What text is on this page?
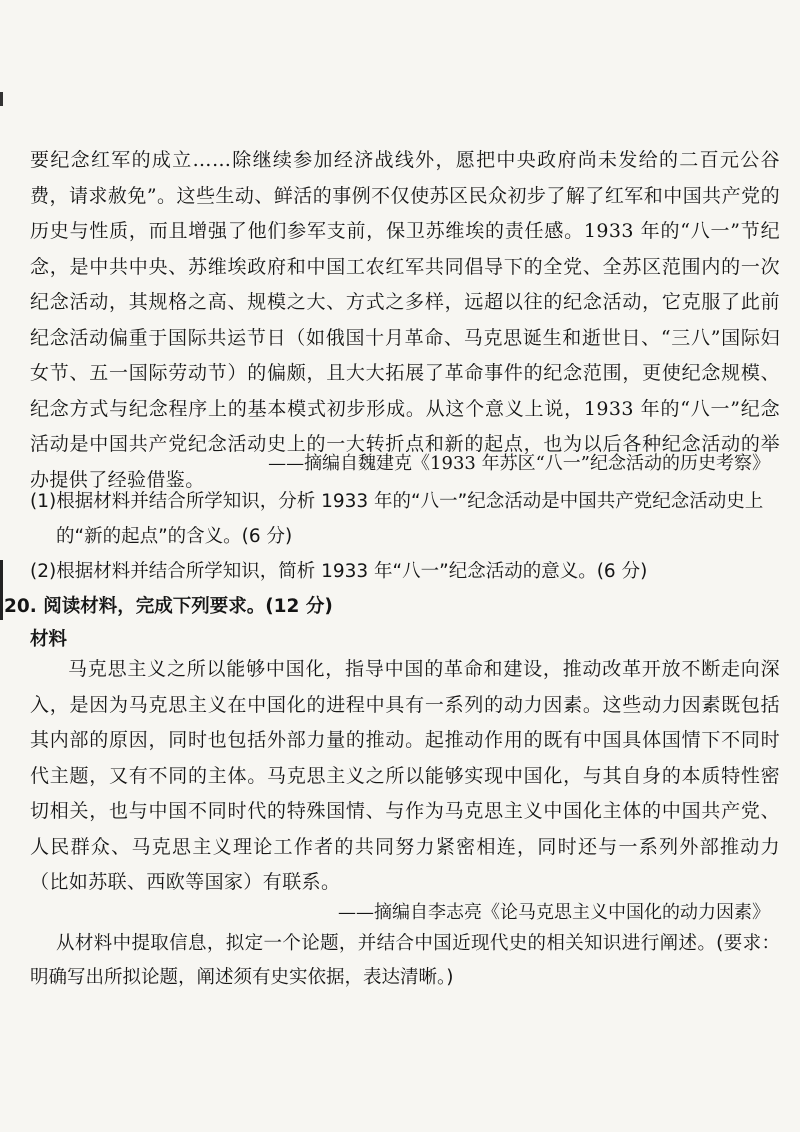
要纪念红军的成立……除继续参加经济战线外，愿把中央政府尚未发给的二百元公谷费，请求赦免”。这些生动、鲜活的事例不仅使苏区民众初步了解了红军和中国共产党的历史与性质，而且增强了他们参军支前，保卫苏维埃的责任感。1933 年的“八一”节纪念，是中共中央、苏维埃政府和中国工农红军共同倡导下的全党、全苏区范围内的一次纪念活动，其规格之高、规模之大、方式之多样，远超以往的纪念活动，它克服了此前纪念活动偏重于国际共运节日（如俄国十月革命、马克思诞生和逝世日、“三八”国际妇女节、五一国际劳动节）的偏颇，且大大拓展了革命事件的纪念范围，更使纪念规模、纪念方式与纪念程序上的基本模式初步形成。从这个意义上说，1933 年的“八一”纪念活动是中国共产党纪念活动史上的一大转折点和新的起点，也为以后各种纪念活动的举办提供了经验借鉴。

——摘编自魏建克《1933 年苏区“八一”纪念活动的历史考察》
(1)根据材料并结合所学知识，分析 1933 年的“八一”纪念活动是中国共产党纪念活动史上
的“新的起点”的含义。(6 分)
(2)根据材料并结合所学知识，简析 1933 年“八一”纪念活动的意义。(6 分)
20. 阅读材料，完成下列要求。(12 分)
材料

马克思主义之所以能够中国化，指导中国的革命和建设，推动改革开放不断走向深入，是因为马克思主义在中国化的进程中具有一系列的动力因素。这些动力因素既包括其内部的原因，同时也包括外部力量的推动。起推动作用的既有中国具体国情下不同时代主题，又有不同的主体。马克思主义之所以能够实现中国化，与其自身的本质特性密切相关，也与中国不同时代的特殊国情、与作为马克思主义中国化主体的中国共产党、人民群众、马克思主义理论工作者的共同努力紧密相连，同时还与一系列外部推动力（比如苏联、西欧等国家）有联系。

——摘编自李志亮《论马克思主义中国化的动力因素》

从材料中提取信息，拟定一个论题，并结合中国近现代史的相关知识进行阐述。(要求：明确写出所拟论题，阐述须有史实依据，表达清晰。)
